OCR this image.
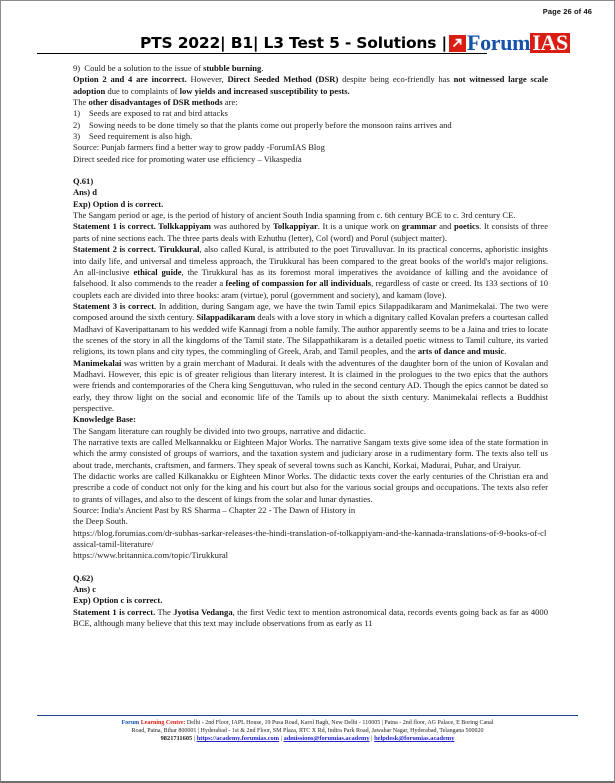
Page 26 of 46
PTS 2022| B1| L3 Test 5 - Solutions | Forum IAS

9) Could be a solution to the issue of stubble burning.

Option 2 and 4 are incorrect. However, Direct Seeded Method (DSR) despite being eco-friendly has not witnessed large scale adoption due to complaints of low yields and increased susceptibility to pests.

The other disadvantages of DSR methods are:

1)	Seeds are exposed to rat and bird attacks
2)	Sowing needs to be done timely so that the plants come out properly before the monsoon rains arrives and
3)	Seed requirement is also high.

Source: Punjab farmers find a better way to grow paddy -ForumIAS Blog

Direct seeded rice for promoting water use efficiency – Vikaspedia

Q.61)

Ans) d

Exp) Option d is correct.

The Sangam period or age, is the period of history of ancient South India spanning from c. 6th century BCE to c. 3rd century CE.

Statement 1 is correct. Tolkkappiyam was authored by Tolkappiyar. It is a unique work on grammar and poetics. It consists of three parts of nine sections each. The three parts deals with Ezhuthu (letter), Col (word) and Porul (subject matter).

Statement 2 is correct. Tirukkural, also called Kural, is attributed to the poet Tiruvalluvar. In its practical concerns, aphoristic insights into daily life, and universal and timeless approach, the Tirukkural has been compared to the great books of the world's major religions. An all-inclusive ethical guide, the Tirukkural has as its foremost moral imperatives the avoidance of killing and the avoidance of falsehood. It also commends to the reader a feeling of compassion for all individuals, regardless of caste or creed. Its 133 sections of 10 couplets each are divided into three books: aram (virtue), porul (government and society), and kamam (love).

Statement 3 is correct. In addition, during Sangam age, we have the twin Tamil epics Silappadikaram and Manimekalai. The two were composed around the sixth century. Silappadikaram deals with a love story in which a dignitary called Kovalan prefers a courtesan called Madhavi of Kaveripattanam to his wedded wife Kannagi from a noble family. The author apparently seems to be a Jaina and tries to locate the scenes of the story in all the kingdoms of the Tamil state. The Silappathikaram is a detailed poetic witness to Tamil culture, its varied religions, its town plans and city types, the commingling of Greek, Arab, and Tamil peoples, and the arts of dance and music.

Manimekalai was written by a grain merchant of Madurai. It deals with the adventures of the daughter born of the union of Kovalan and Madhavi. However, this epic is of greater religious than literary interest. It is claimed in the prologues to the two epics that the authors were friends and contemporaries of the Chera king Senguttuvan, who ruled in the second century AD. Though the epics cannot be dated so early, they throw light on the social and economic life of the Tamils up to about the sixth century. Manimekalai reflects a Buddhist perspective.

Knowledge Base:

The Sangam literature can roughly be divided into two groups, narrative and didactic.

The narrative texts are called Melkannakku or Eighteen Major Works. The narrative Sangam texts give some idea of the state formation in which the army consisted of groups of warriors, and the taxation system and judiciary arose in a rudimentary form. The texts also tell us about trade, merchants, craftsmen, and farmers. They speak of several towns such as Kanchi, Korkai, Madurai, Puhar, and Uraiyur.

The didactic works are called Kilkanakku or Eighteen Minor Works. The didactic texts cover the early centuries of the Christian era and prescribe a code of conduct not only for the king and his court but also for the various social groups and occupations. The texts also refer to grants of villages, and also to the descent of kings from the solar and lunar dynasties.

Source: India's Ancient Past by RS Sharma – Chapter 22 - The Dawn of History in

the Deep South.

https://blog.forumias.com/dr-subhas-sarkar-releases-the-hindi-translation-of-tolkappiyam-and-the-kannada-translations-of-9-books-of-classical-tamil-literature/

https://www.britannica.com/topic/Tirukkural

Q.62)

Ans) c

Exp) Option c is correct.

Statement 1 is correct. The Jyotisa Vedanga, the first Vedic text to mention astronomical data, records events going back as far as 4000 BCE, although many believe that this text may include observations from as early as 11

Forum Learning Centre: Delhi - 2nd Floor, IAPL House, 19 Pusa Road, Karol Bagh, New Delhi - 110005 | Patna - 2nd floor, AG Palace, E Boring Canal
Road, Patna, Bihar 800001 | Hyderabad - 1st & 2nd Floor, SM Plaza, RTC X Rd, Indira Park Road, Jawahar Nagar, Hyderabad, Telangana 500020
9821711605 | https://academy.forumias.com | admissions@forumias.academy | helpdesk@forumias.academy
